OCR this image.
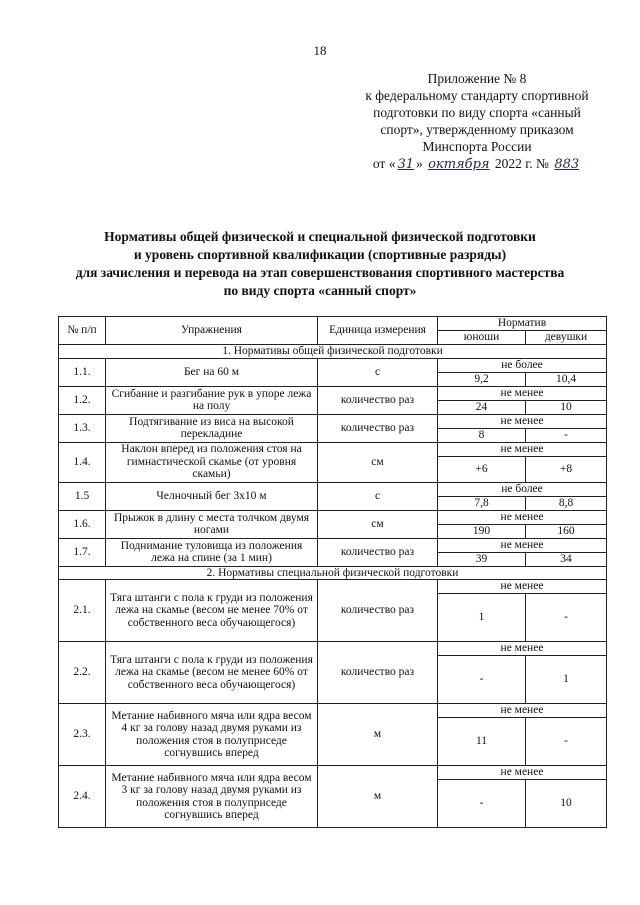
18
Приложение № 8
к федеральному стандарту спортивной
подготовки по виду спорта «санный
спорт», утвержденному приказом
Минспорта России
от « 31 » октября 2022 г. № 883
Нормативы общей физической и специальной физической подготовки
и уровень спортивной квалификации (спортивные разряды)
для зачисления и перевода на этап совершенствования спортивного мастерства
по виду спорта «санный спорт»
№ п/п	Упражнения	Единица измерения	Норматив	
			юноши	девушки
1. Нормативы общей физической подготовки				
1.1.	Бег на 60 м	с	не более	
			9,2	10,4
1.2.	Сгибание и разгибание рук в упоре лежа на полу	количество раз	не менее	
			24	10
1.3.	Подтягивание из виса на высокой перекладине	количество раз	не менее	
			8	-
1.4.	Наклон вперед из положения стоя на гимнастической скамье (от уровня скамьи)	см	не менее	
			+6	+8
1.5	Челночный бег 3х10 м	с	не более	
			7,8	8,8
1.6.	Прыжок в длину с места толчком двумя ногами	см	не менее	
			190	160
1.7.	Поднимание туловища из положения лежа на спине (за 1 мин)	количество раз	не менее	
			39	34
2. Нормативы специальной физической подготовки				
2.1.	Тяга штанги с пола к груди из положения лежа на скамье (весом не менее 70% от собственного веса обучающегося)	количество раз	не менее	
			1	-
2.2.	Тяга штанги с пола к груди из положения лежа на скамье (весом не менее 60% от собственного веса обучающегося)	количество раз	не менее	
			-	1
2.3.	Метание набивного мяча или ядра весом 4 кг за голову назад двумя руками из положения стоя в полуприседе согнувшись вперед	м	не менее	
			11	-
2.4.	Метание набивного мяча или ядра весом 3 кг за голову назад двумя руками из положения стоя в полуприседе согнувшись вперед	м	не менее	
			-	10
